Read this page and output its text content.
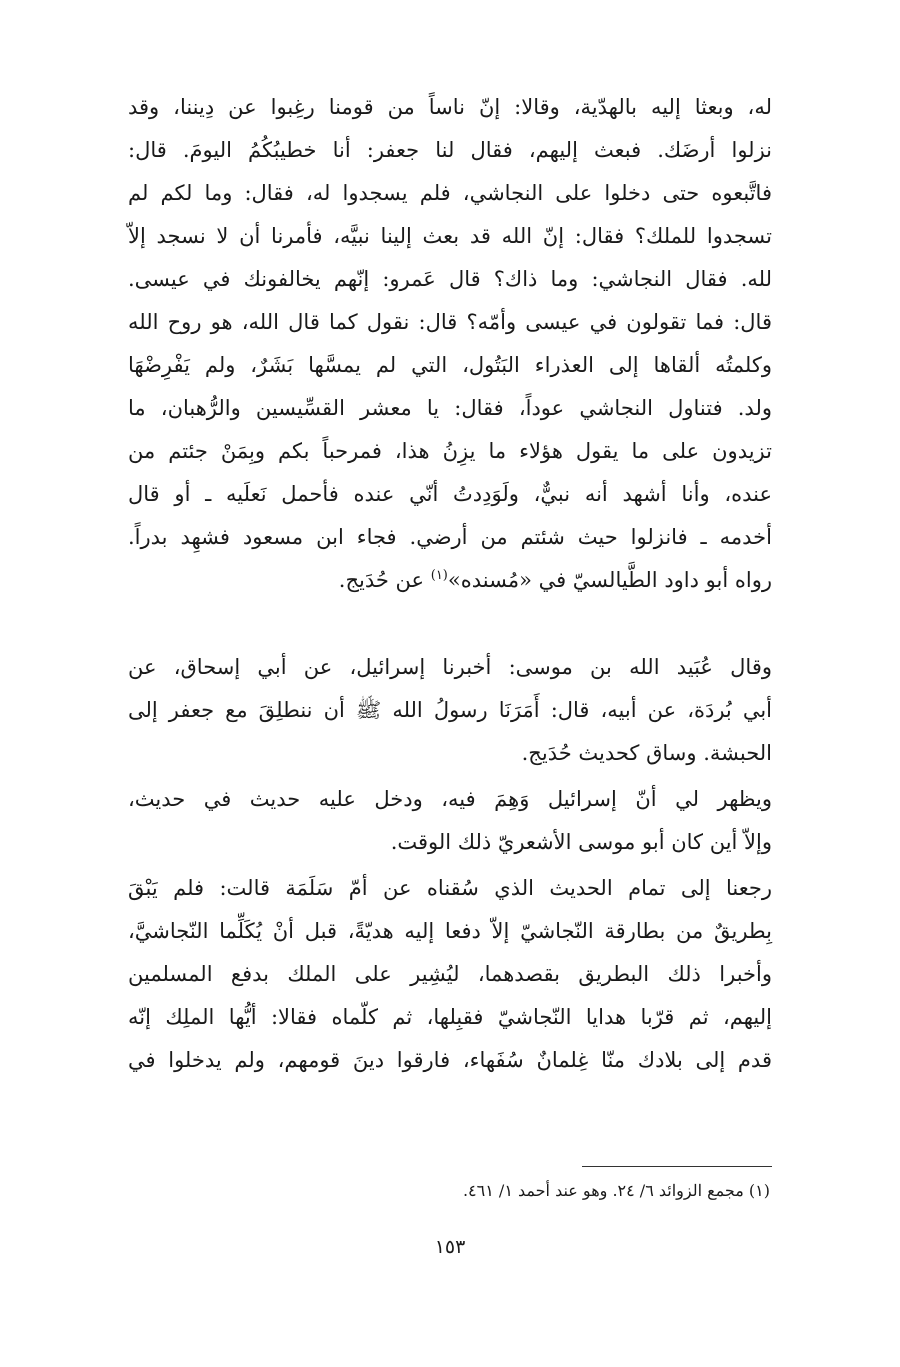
له، وبعثا إليه بالهدّية، وقالا: إنّ ناساً من قومنا رغِبوا عن دِيننا، وقد
نزلوا أرضَك. فبعث إليهم، فقال لنا جعفر: أنا خطيبُكُمُ اليومَ. قال:
فاتَّبعوه حتى دخلوا على النجاشي، فلم يسجدوا له، فقال: وما لكم لم
تسجدوا للملك؟ فقال: إنّ الله قد بعث إلينا نبيَّه، فأمرنا أن لا نسجد إلاّ
لله. فقال النجاشي: وما ذاك؟ قال عَمرو: إنّهم يخالفونك في عيسى.
قال: فما تقولون في عيسى وأمّه؟ قال: نقول كما قال الله، هو روح الله
وكلمتُه ألقاها إلى العذراء البَتُول، التي لم يمسَّها بَشَرٌ، ولم يَفْرِضْهَا
ولد. فتناول النجاشي عوداً، فقال: يا معشر القسِّيسين والرُّهبان، ما
تزيدون على ما يقول هؤلاء ما يزِنُ هذا، فمرحباً بكم وبِمَنْ جئتم من
عنده، وأنا أشهد أنه نبيٌّ، ولَوَدِدتُ أنّي عنده فأحمل نَعلَيه ـ أو قال
أخدمه ـ فانزلوا حيث شئتم من أرضي. فجاء ابن مسعود فشهِد بدراً.
رواه أبو داود الطَّيالسيّ في «مُسنده»$^{(١)}$ عن حُدَيج.
وقال عُبَيد الله بن موسى: أخبرنا إسرائيل، عن أبي إسحاق، عن
أبي بُردَة، عن أبيه، قال: أَمَرَنَا رسولُ الله ﷺ أن ننطلِقَ مع جعفر إلى
الحبشة. وساق كحديث حُدَيج.
ويظهر لي أنّ إسرائيل وَهِمَ فيه، ودخل عليه حديث في حديث،
وإلاّ أين كان أبو موسى الأشعريّ ذلك الوقت.
رجعنا إلى تمام الحديث الذي سُقناه عن أمّ سَلَمَة قالت: فلم يَبْقَ
بِطريقٌ من بطارقة النّجاشيّ إلاّ دفعا إليه هديّةً، قبل أنْ يُكَلِّما النّجاشيَّ،
وأخبرا ذلك البطريق بقصدهما، ليُشِير على الملك بدفع المسلمين
إليهم، ثم قرّبا هدايا النّجاشيّ فقبِلها، ثم كلّماه فقالا: أيُّها الملِك إنّه
قدم إلى بلادك منّا غِلمانٌ سُفَهاء، فارقوا دينَ قومهم، ولم يدخلوا في
(١) مجمع الزوائد ٦/ ٢٤. وهو عند أحمد ١/ ٤٦١.
١٥٣
